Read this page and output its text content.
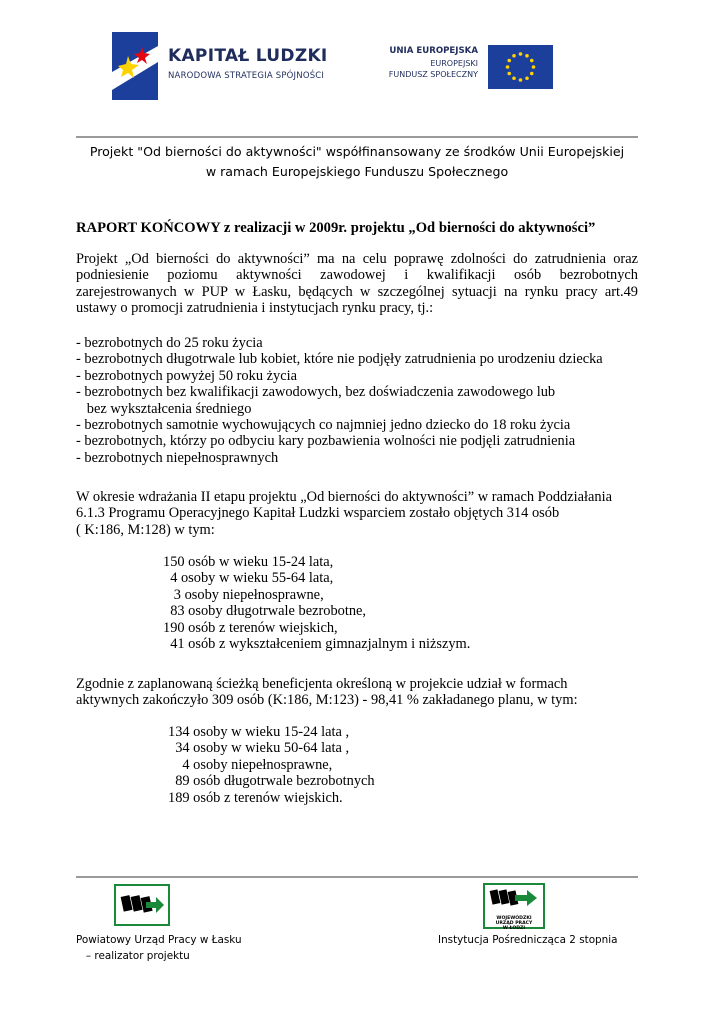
KAPITAŁ LUDZKI
NARODOWA STRATEGIA SPÓJNOŚCI
UNIA EUROPEJSKA
EUROPEJSKI
FUNDUSZ SPOŁECZNY
Projekt "Od bierności do aktywności" współfinansowany ze środków Unii Europejskiej
w ramach Europejskiego Funduszu Społecznego
RAPORT KOŃCOWY z realizacji w 2009r. projektu „Od bierności do aktywności”
Projekt „Od bierności do aktywności” ma na celu poprawę zdolności do zatrudnienia oraz
podniesienie poziomu aktywności zawodowej i kwalifikacji osób bezrobotnych
zarejestrowanych w PUP w Łasku, będących w szczególnej sytuacji na rynku pracy art.49
ustawy o promocji zatrudnienia i instytucjach rynku pracy, tj.:
- bezrobotnych do 25 roku życia
- bezrobotnych długotrwale lub kobiet, które nie podjęły zatrudnienia po urodzeniu dziecka
- bezrobotnych powyżej 50 roku życia
- bezrobotnych bez kwalifikacji zawodowych, bez doświadczenia zawodowego lub
bez wykształcenia średniego
- bezrobotnych samotnie wychowujących co najmniej jedno dziecko do 18 roku życia
- bezrobotnych, którzy po odbyciu kary pozbawienia wolności nie podjęli zatrudnienia
- bezrobotnych niepełnosprawnych
W okresie wdrażania II etapu projektu „Od bierności do aktywności” w ramach Poddziałania
6.1.3 Programu Operacyjnego Kapitał Ludzki wsparciem zostało objętych 314 osób
( K:186, M:128) w tym:
150 osób w wieku 15-24 lata,
4 osoby w wieku 55-64 lata,
3 osoby niepełnosprawne,
83 osoby długotrwale bezrobotne,
190 osób z terenów wiejskich,
41 osób z wykształceniem gimnazjalnym i niższym.
Zgodnie z zaplanowaną ścieżką beneficjenta określoną w projekcie udział w formach
aktywnych zakończyło 309 osób (K:186, M:123) - 98,41 % zakładanego planu, w tym:
134 osoby w wieku 15-24 lata ,
34 osoby w wieku 50-64 lata ,
4 osoby niepełnosprawne,
89 osób długotrwale bezrobotnych
189 osób z terenów wiejskich.
WOJEWÓDZKI
URZĄD PRACY
W ŁODZI
Powiatowy Urząd Pracy w Łasku
– realizator projektu
Instytucja Pośrednicząca 2 stopnia
